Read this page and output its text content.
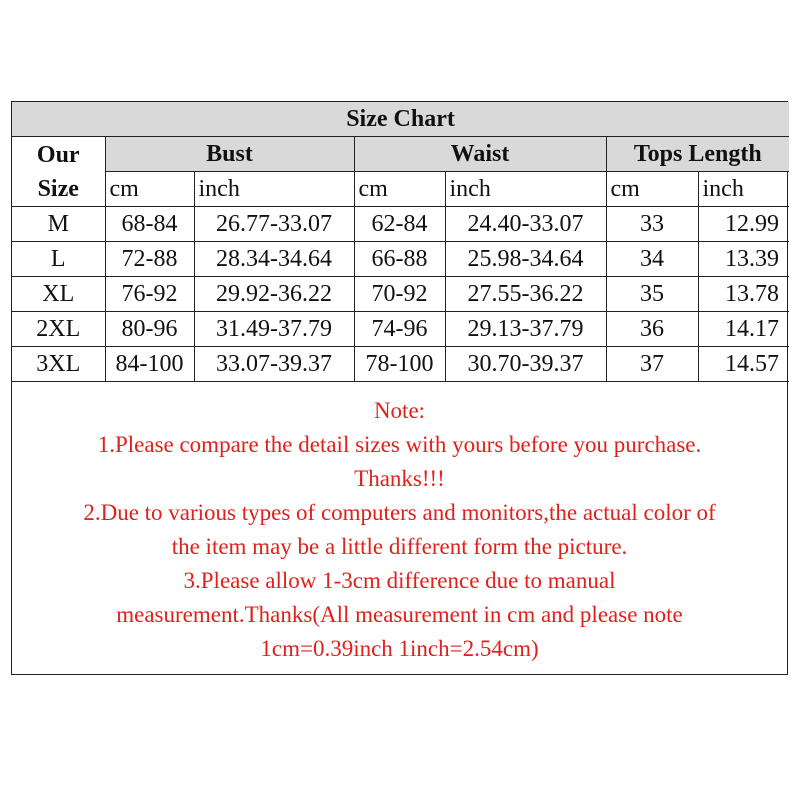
Size Chart						
Our
Size	Bust		Waist		Tops Length	
	cm	inch	cm	inch	cm	inch
M	68-84	26.77-33.07	62-84	24.40-33.07	33	12.99
L	72-88	28.34-34.64	66-88	25.98-34.64	34	13.39
XL	76-92	29.92-36.22	70-92	27.55-36.22	35	13.78
2XL	80-96	31.49-37.79	74-96	29.13-37.79	36	14.17
3XL	84-100	33.07-39.37	78-100	30.70-39.37	37	14.57
Note:
1.Please compare the detail sizes with yours before you purchase.
Thanks!!!
2.Due to various types of computers and monitors,the actual color of
the item may be a little different form the picture.
3.Please allow 1-3cm difference due to manual
measurement.Thanks(All measurement in cm and please note
1cm=0.39inch 1inch=2.54cm)
